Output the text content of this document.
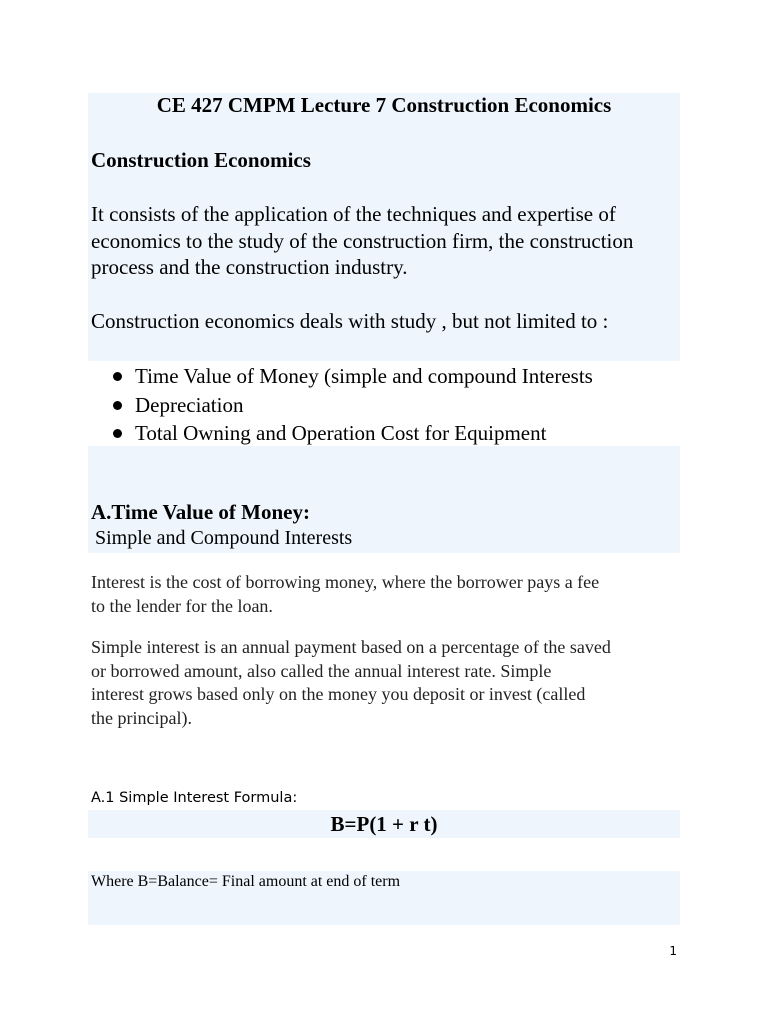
CE 427 CMPM Lecture 7 Construction Economics

Construction Economics

It consists of the application of the techniques and expertise of

economics to the study of the construction firm, the construction

process and the construction industry.

Construction economics deals with study , but not limited to :

Time Value of Money (simple and compound Interests
Depreciation
Total Owning and Operation Cost for Equipment

A.Time Value of Money:

Simple and Compound Interests

Interest is the cost of borrowing money, where the borrower pays a fee

to the lender for the loan.

Simple interest is an annual payment based on a percentage of the saved

or borrowed amount, also called the annual interest rate. Simple

interest grows based only on the money you deposit or invest (called

the principal).

A.1 Simple Interest Formula:

B=P(1 + r t)

Where B=Balance= Final amount at end of term

1
